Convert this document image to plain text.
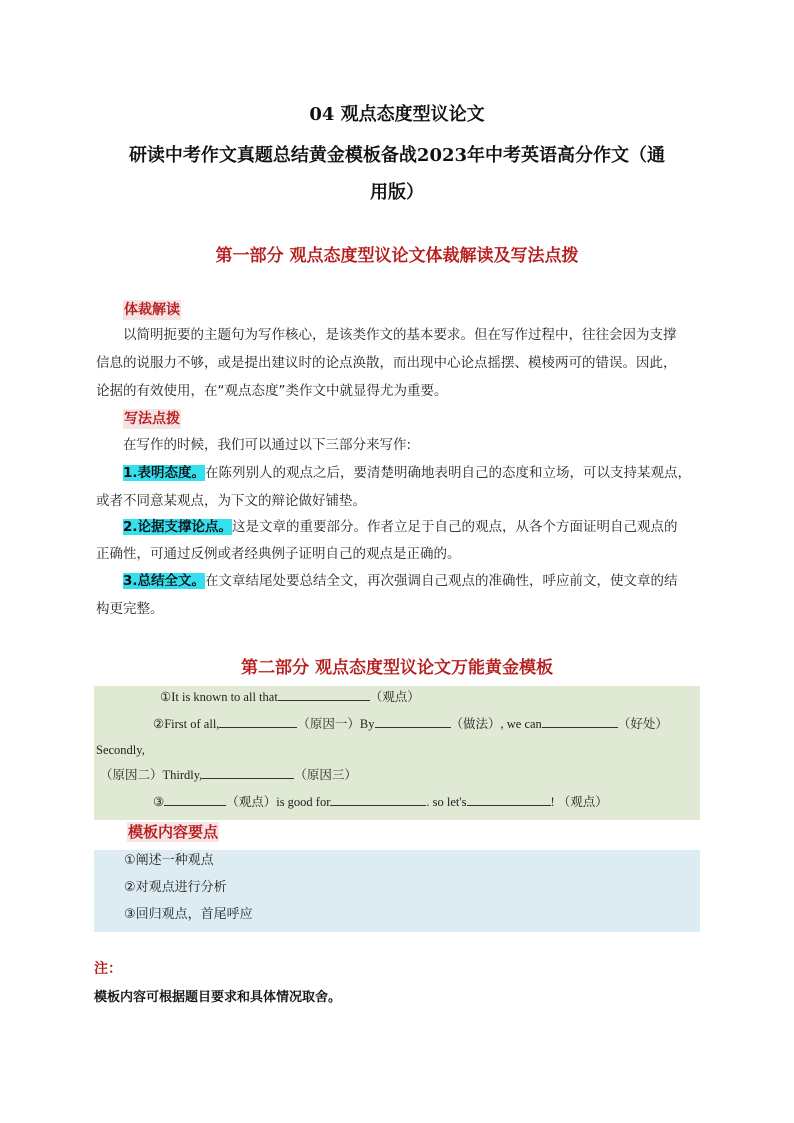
04 观点态度型议论文
研读中考作文真题总结黄金模板备战2023年中考英语高分作文（通
用版）
第一部分 观点态度型议论文体裁解读及写法点拨
体裁解读
以简明扼要的主题句为写作核心，是该类作文的基本要求。但在写作过程中，往往会因为支撑
信息的说服力不够，或是提出建议时的论点涣散，而出现中心论点摇摆、模棱两可的错误。因此，
论据的有效使用，在“观点态度”类作文中就显得尤为重要。
写法点拨
在写作的时候，我们可以通过以下三部分来写作:
1.表明态度。在陈列别人的观点之后，要清楚明确地表明自己的态度和立场，可以支持某观点，
或者不同意某观点，为下文的辩论做好铺垫。
2.论据支撑论点。这是文章的重要部分。作者立足于自己的观点，从各个方面证明自己观点的
正确性，可通过反例或者经典例子证明自己的观点是正确的。
3.总结全文。在文章结尾处要总结全文，再次强调自己观点的准确性，呼应前文，使文章的结
构更完整。
第二部分 观点态度型议论文万能黄金模板
①It is known to all that	（观点）
②First of all,	（原因一）By	（做法）, we can	（好处）
Secondly,
（原因二）Thirdly,	（原因三）
③	（观点）is good for	. so let's	! （观点）
模板内容要点
①阐述一种观点
②对观点进行分析
③回归观点，首尾呼应
注：
模板内容可根据题目要求和具体情况取舍。
